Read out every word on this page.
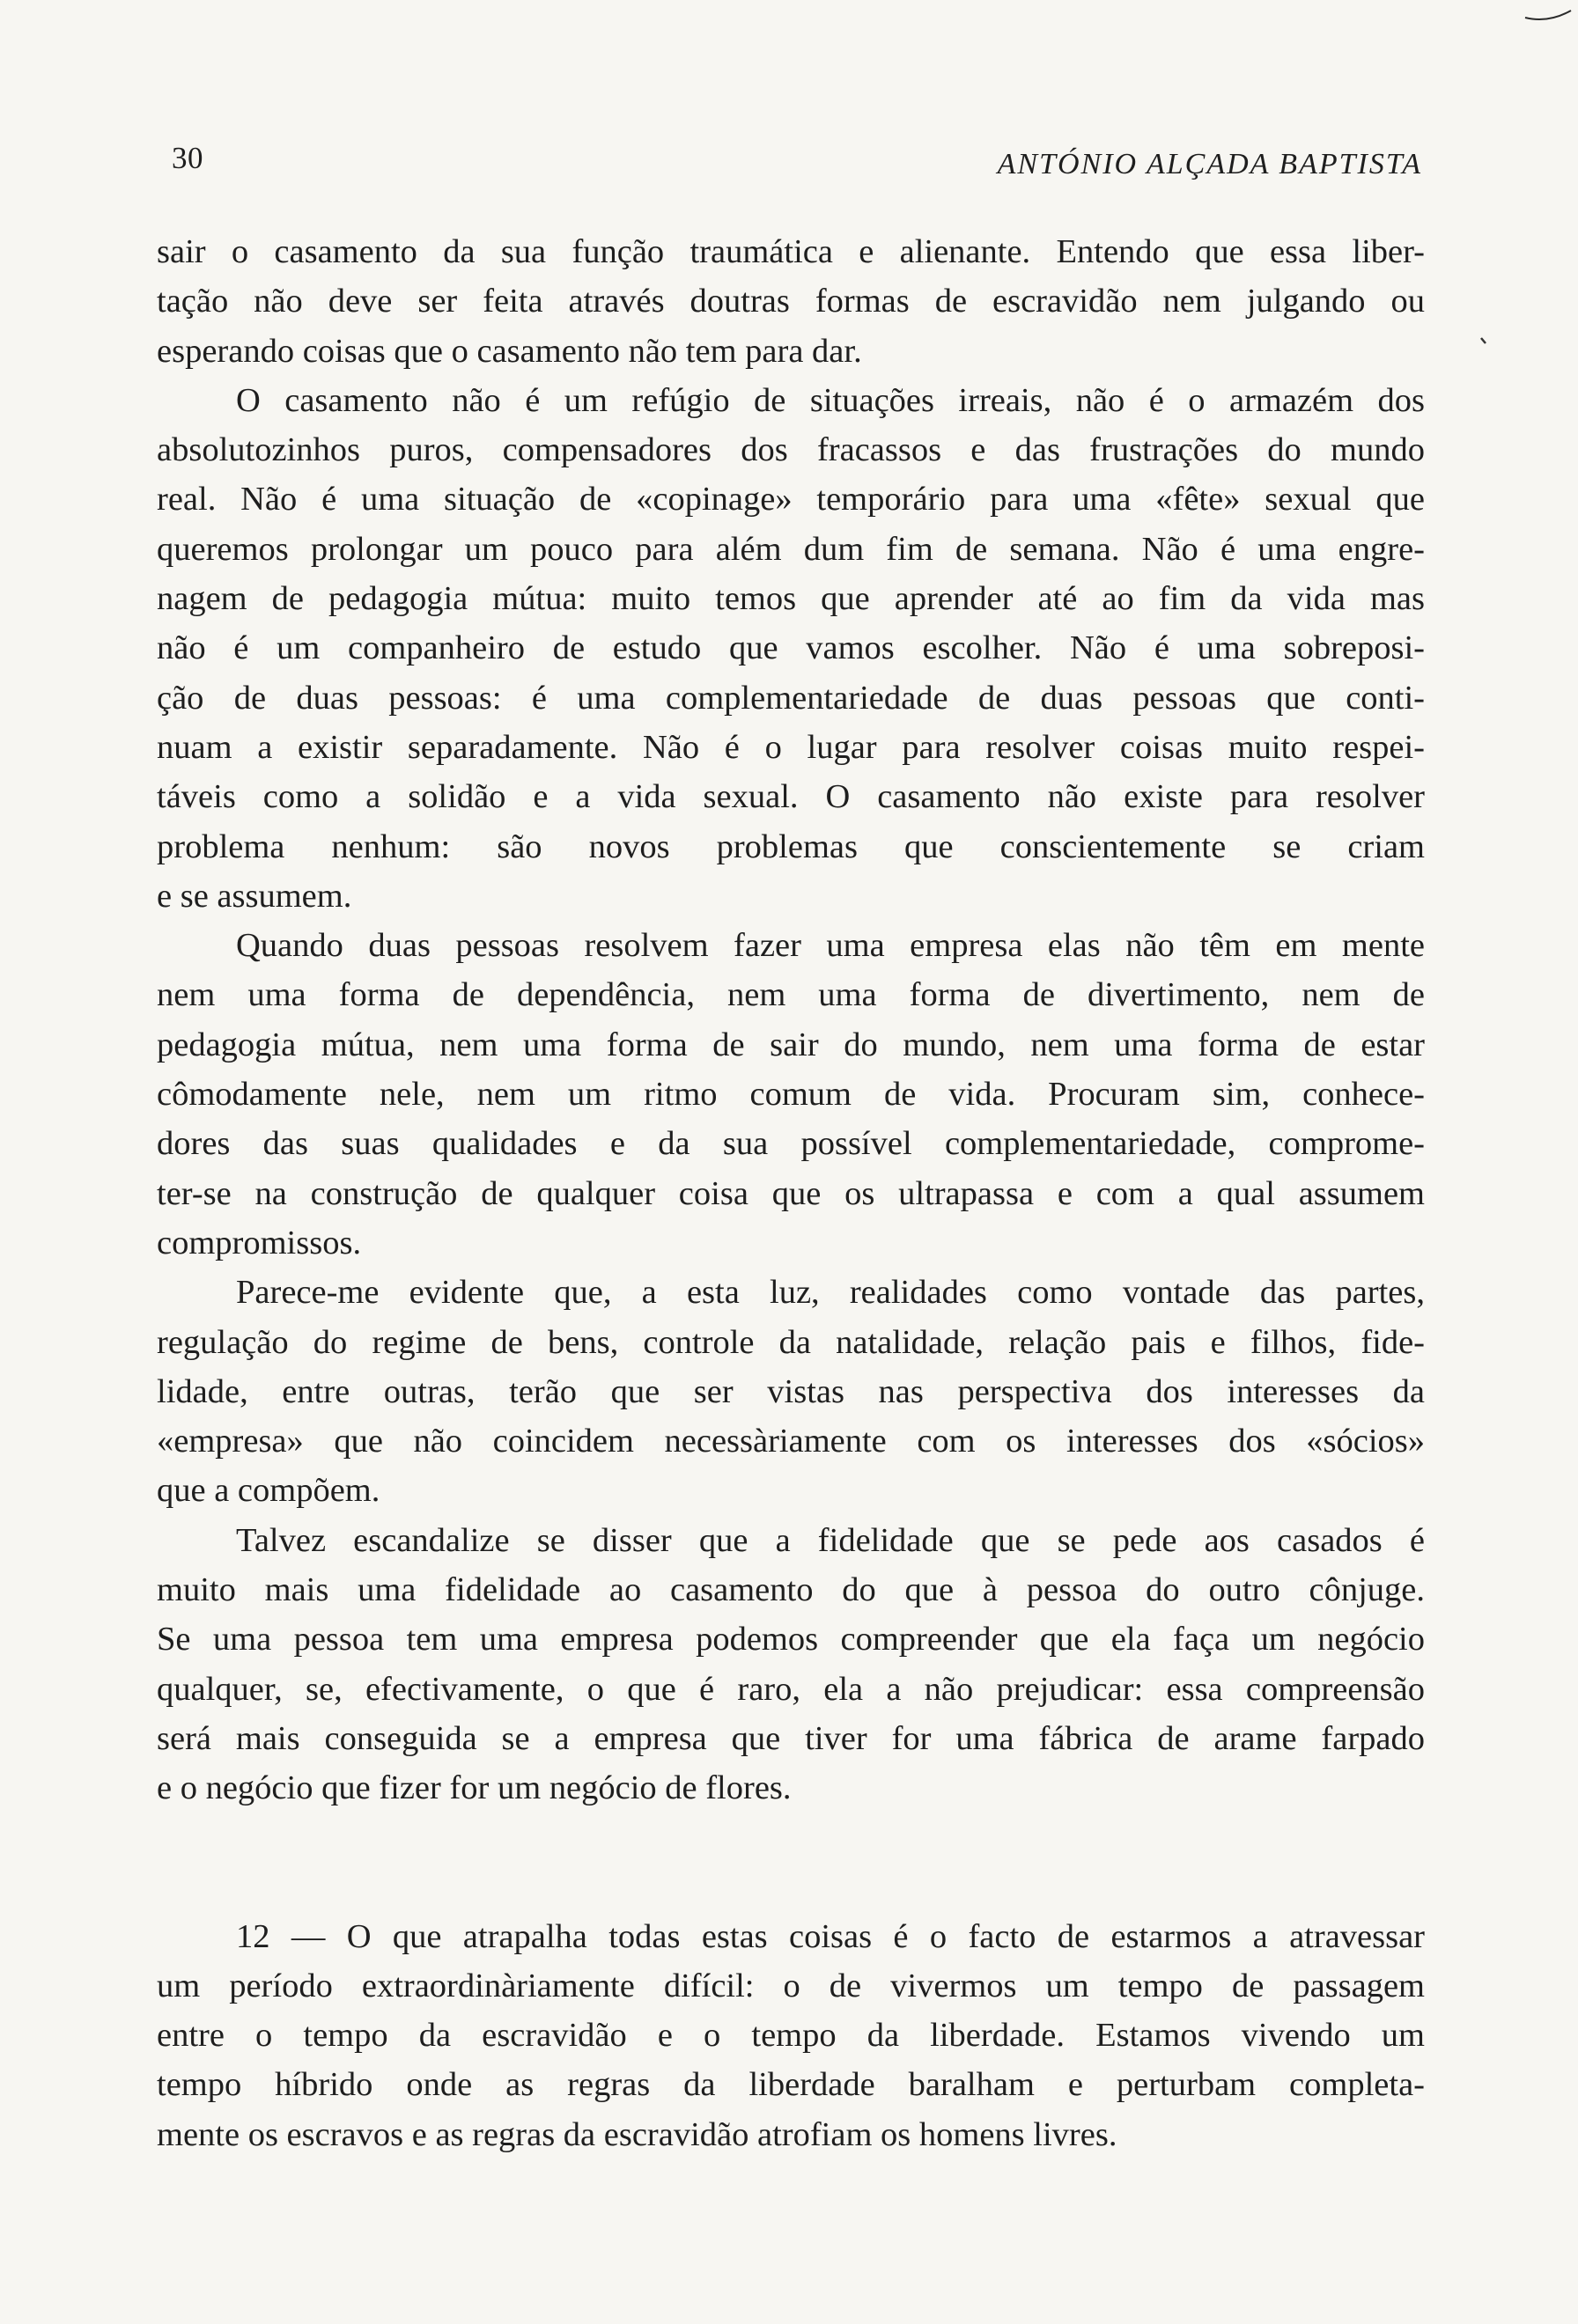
30	ANTÓNIO ALÇADA BAPTISTA
sair o casamento da sua função traumática e alienante. Entendo que essa liber-
tação não deve ser feita através doutras formas de escravidão nem julgando ou
esperando coisas que o casamento não tem para dar.
O casamento não é um refúgio de situações irreais, não é o armazém dos
absolutozinhos puros, compensadores dos fracassos e das frustrações do mundo
real. Não é uma situação de «copinage» temporário para uma «fête» sexual que
queremos prolongar um pouco para além dum fim de semana. Não é uma engre-
nagem de pedagogia mútua: muito temos que aprender até ao fim da vida mas
não é um companheiro de estudo que vamos escolher. Não é uma sobreposi-
ção de duas pessoas: é uma complementariedade de duas pessoas que conti-
nuam a existir separadamente. Não é o lugar para resolver coisas muito respei-
táveis como a solidão e a vida sexual. O casamento não existe para resolver
problema nenhum: são novos problemas que conscientemente se criam
e se assumem.
Quando duas pessoas resolvem fazer uma empresa elas não têm em mente
nem uma forma de dependência, nem uma forma de divertimento, nem de
pedagogia mútua, nem uma forma de sair do mundo, nem uma forma de estar
cômodamente nele, nem um ritmo comum de vida. Procuram sim, conhece-
dores das suas qualidades e da sua possível complementariedade, comprome-
ter-se na construção de qualquer coisa que os ultrapassa e com a qual assumem
compromissos.
Parece-me evidente que, a esta luz, realidades como vontade das partes,
regulação do regime de bens, controle da natalidade, relação pais e filhos, fide-
lidade, entre outras, terão que ser vistas nas perspectiva dos interesses da
«empresa» que não coincidem necessàriamente com os interesses dos «sócios»
que a compõem.
Talvez escandalize se disser que a fidelidade que se pede aos casados é
muito mais uma fidelidade ao casamento do que à pessoa do outro cônjuge.
Se uma pessoa tem uma empresa podemos compreender que ela faça um negócio
qualquer, se, efectivamente, o que é raro, ela a não prejudicar: essa compreensão
será mais conseguida se a empresa que tiver for uma fábrica de arame farpado
e o negócio que fizer for um negócio de flores.
12 — O que atrapalha todas estas coisas é o facto de estarmos a atravessar
um período extraordinàriamente difícil: o de vivermos um tempo de passagem
entre o tempo da escravidão e o tempo da liberdade. Estamos vivendo um
tempo híbrido onde as regras da liberdade baralham e perturbam completa-
mente os escravos e as regras da escravidão atrofiam os homens livres.
